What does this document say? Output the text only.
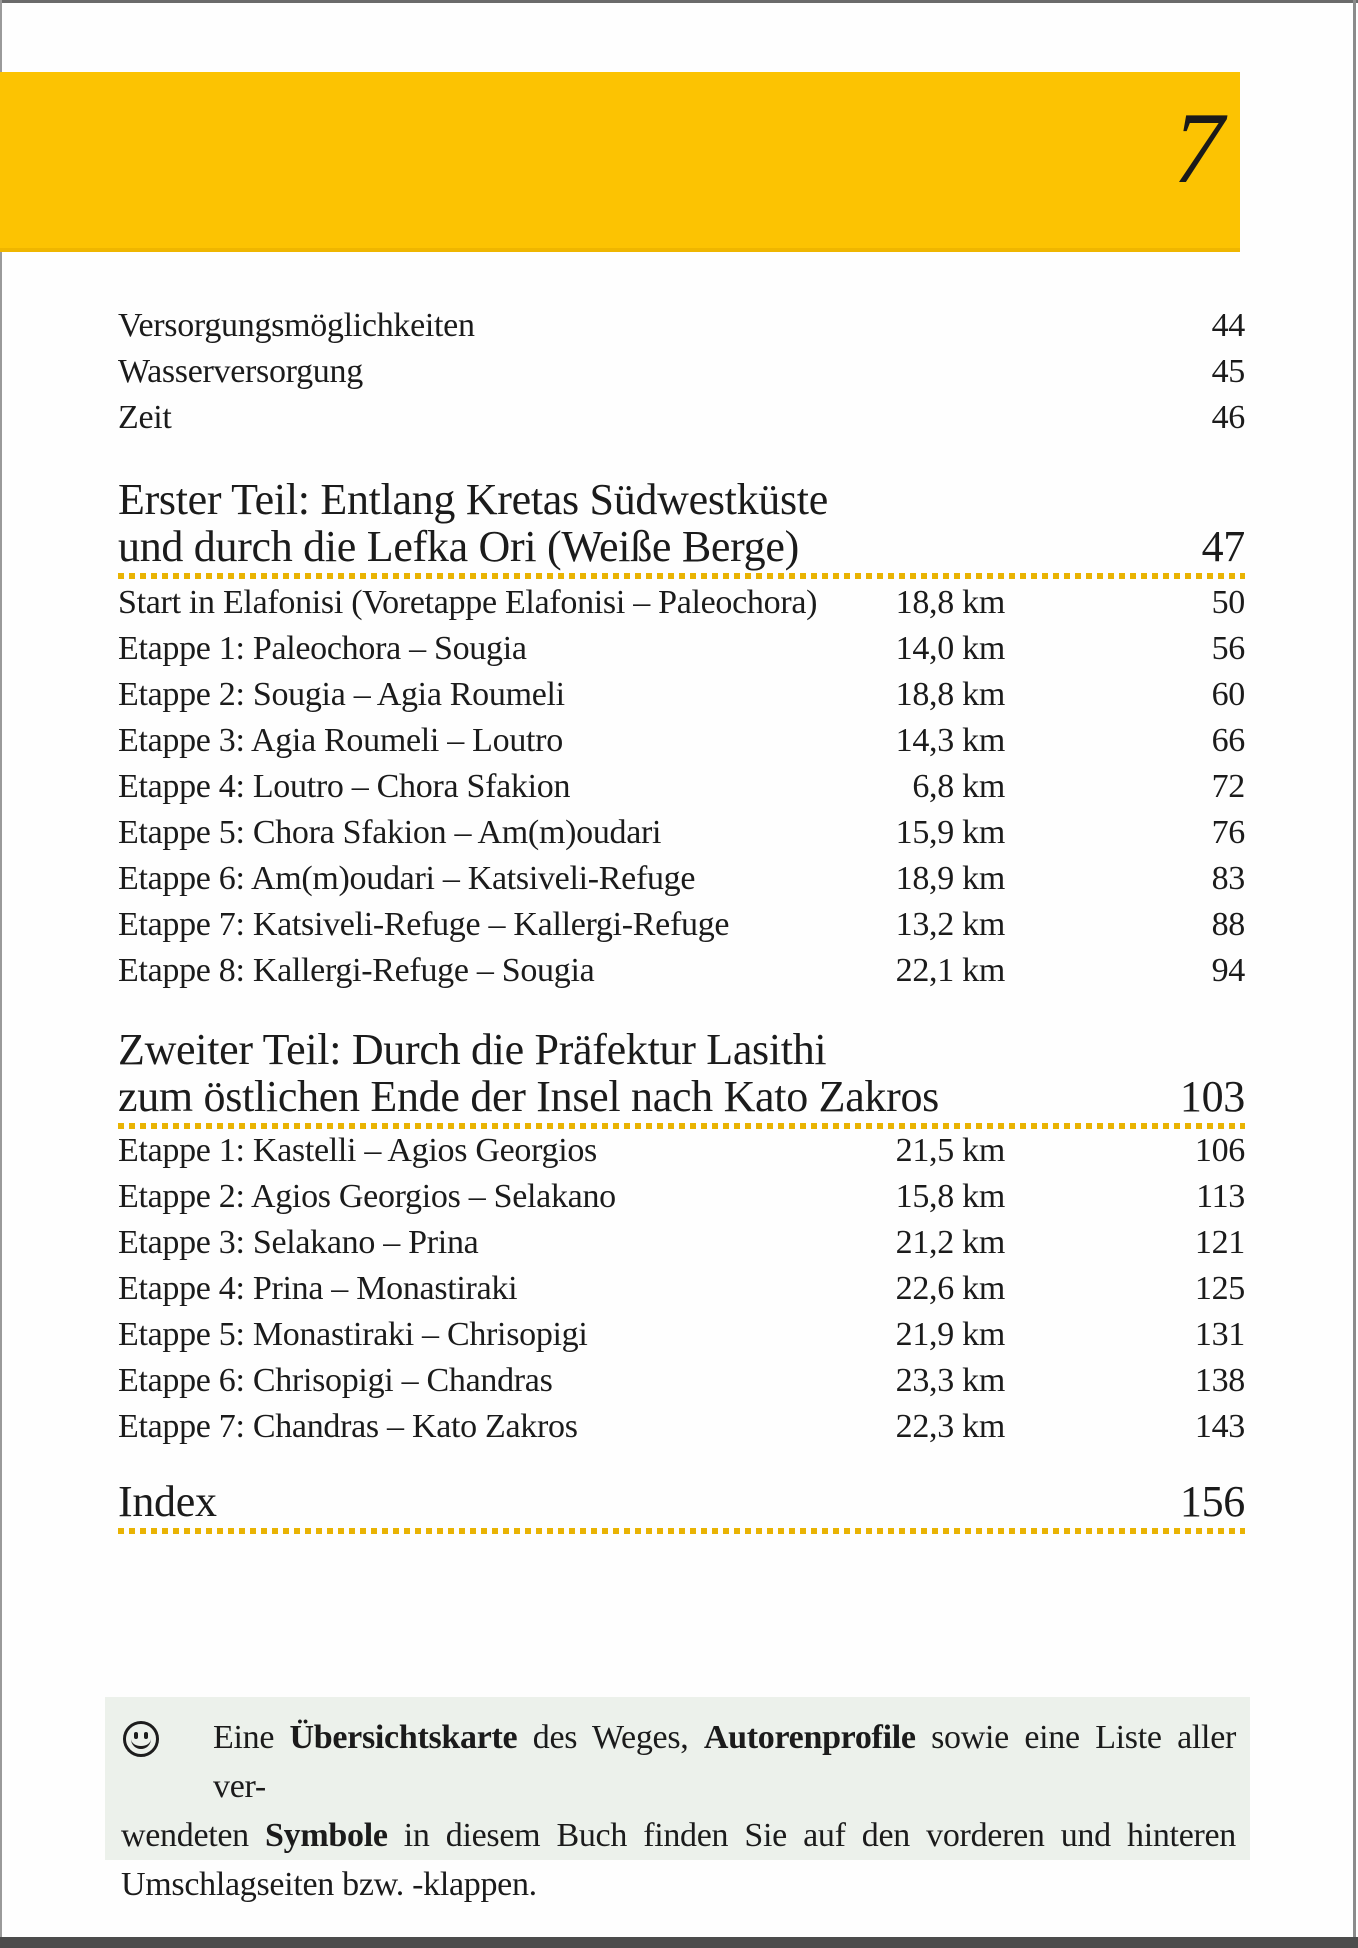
7
Versorgungsmöglichkeiten	44
Wasserversorgung	45
Zeit	46
Erster Teil: Entlang Kretas Südwestküste
und durch die Lefka Ori (Weiße Berge)	47
Start in Elafonisi (Voretappe Elafonisi – Paleochora)	18,8 km	50
Etappe 1: Paleochora – Sougia	14,0 km	56
Etappe 2: Sougia – Agia Roumeli	18,8 km	60
Etappe 3: Agia Roumeli – Loutro	14,3 km	66
Etappe 4: Loutro – Chora Sfakion	6,8 km	72
Etappe 5: Chora Sfakion – Am(m)oudari	15,9 km	76
Etappe 6: Am(m)oudari – Katsiveli-Refuge	18,9 km	83
Etappe 7: Katsiveli-Refuge – Kallergi-Refuge	13,2 km	88
Etappe 8: Kallergi-Refuge – Sougia	22,1 km	94
Zweiter Teil: Durch die Präfektur Lasithi
zum östlichen Ende der Insel nach Kato Zakros	103
Etappe 1: Kastelli – Agios Georgios	21,5 km	106
Etappe 2: Agios Georgios – Selakano	15,8 km	113
Etappe 3: Selakano – Prina	21,2 km	121
Etappe 4: Prina – Monastiraki	22,6 km	125
Etappe 5: Monastiraki – Chrisopigi	21,9 km	131
Etappe 6: Chrisopigi – Chandras	23,3 km	138
Etappe 7: Chandras – Kato Zakros	22,3 km	143
Index	156
Eine Übersichtskarte des Weges, Autorenprofile sowie eine Liste aller ver-
wendeten Symbole in diesem Buch finden Sie auf den vorderen und hinteren
Umschlagseiten bzw. -klappen.
